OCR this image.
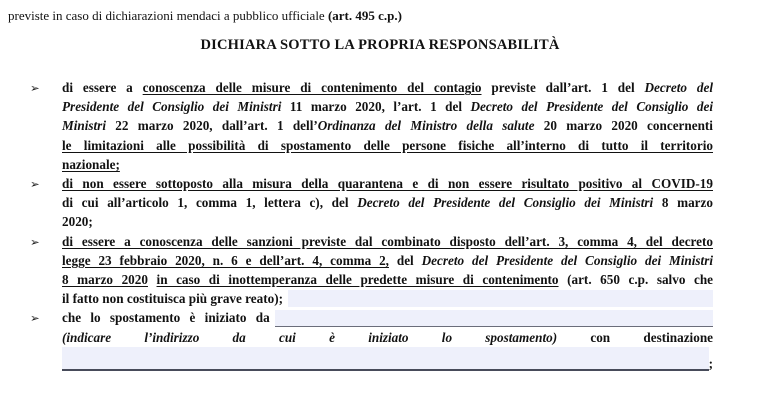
previste in caso di dichiarazioni mendaci a pubblico ufficiale (art. 495 c.p.)
DICHIARA SOTTO LA PROPRIA RESPONSABILITÀ
➢	di essere a conoscenza delle misure di contenimento del contagio previste dall’art. 1 del Decreto del
Presidente del Consiglio dei Ministri 11 marzo 2020, l’art. 1 del Decreto del Presidente del Consiglio dei
Ministri 22 marzo 2020, dall’art. 1 dell’Ordinanza del Ministro della salute 20 marzo 2020 concernenti
le limitazioni alle possibilità di spostamento delle persone fisiche all’interno di tutto il territorio
nazionale;
➢	di non essere sottoposto alla misura della quarantena e di non essere risultato positivo al COVID-19
di cui all’articolo 1, comma 1, lettera c), del Decreto del Presidente del Consiglio dei Ministri 8 marzo
2020;
➢	di essere a conoscenza delle sanzioni previste dal combinato disposto dell’art. 3, comma 4, del decreto
legge 23 febbraio 2020, n. 6 e dell’art. 4, comma 2, del Decreto del Presidente del Consiglio dei Ministri
8 marzo 2020 in caso di inottemperanza delle predette misure di contenimento (art. 650 c.p. salvo che
il fatto non costituisca più grave reato);
➢	che lo spostamento è iniziato da
(indicare l’indirizzo da cui è iniziato lo spostamento) con destinazione
;
